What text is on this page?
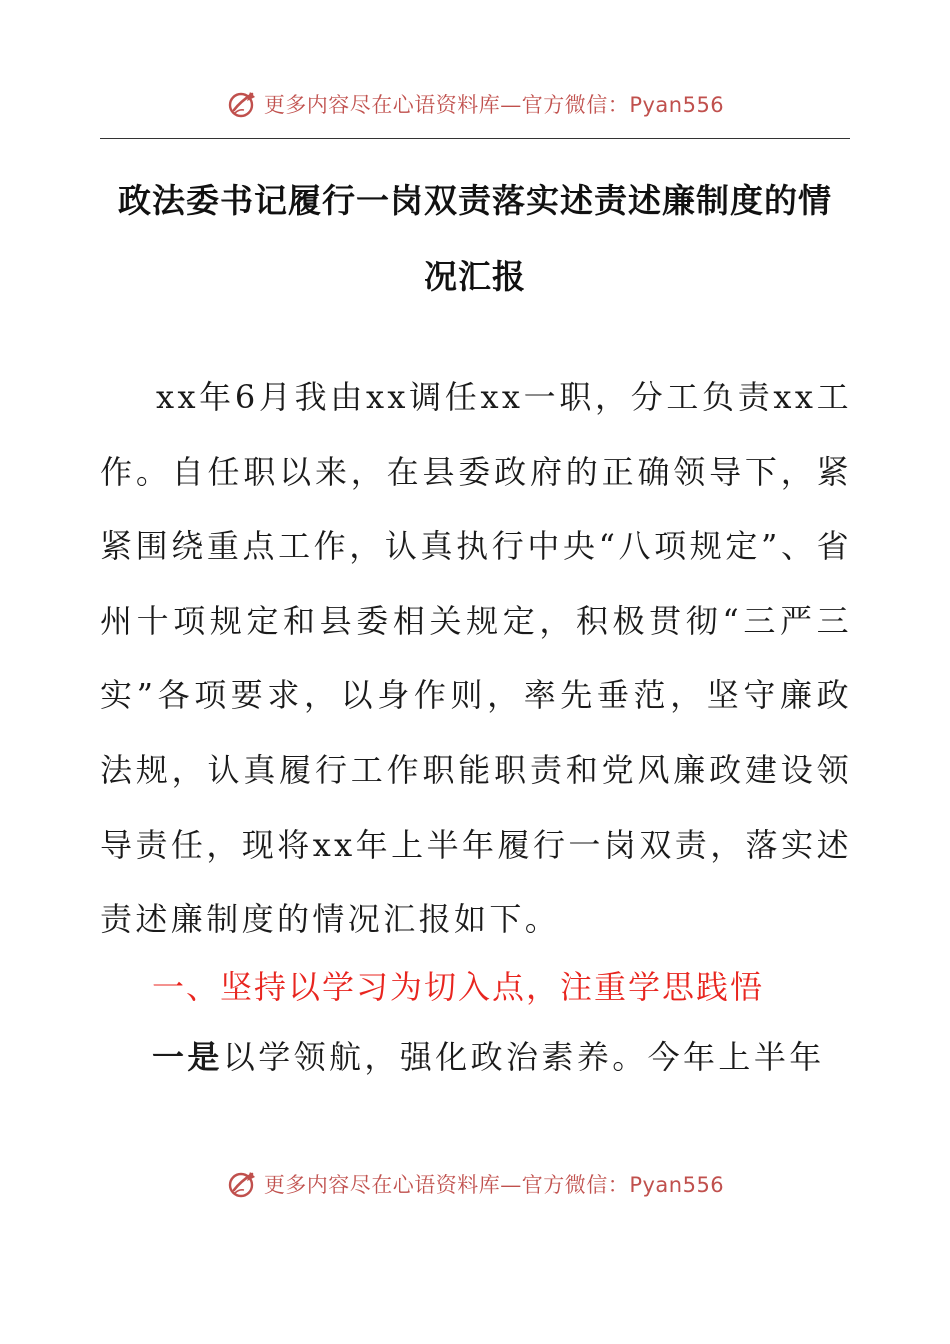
更多内容尽在心语资料库—官方微信：Pyan556
政法委书记履行一岗双责落实述责述廉制度的情
况汇报

xx年6月我由xx调任xx一职，分工负责xx工作。自任职以来，在县委政府的正确领导下，紧紧围绕重点工作，认真执行中央“八项规定”、省州十项规定和县委相关规定，积极贯彻“三严三实”各项要求，以身作则，率先垂范，坚守廉政法规，认真履行工作职能职责和党风廉政建设领导责任，现将xx年上半年履行一岗双责，落实述责述廉制度的情况汇报如下。

一、坚持以学习为切入点，注重学思践悟

一是以学领航，强化政治素养。今年上半年

更多内容尽在心语资料库—官方微信：Pyan556
